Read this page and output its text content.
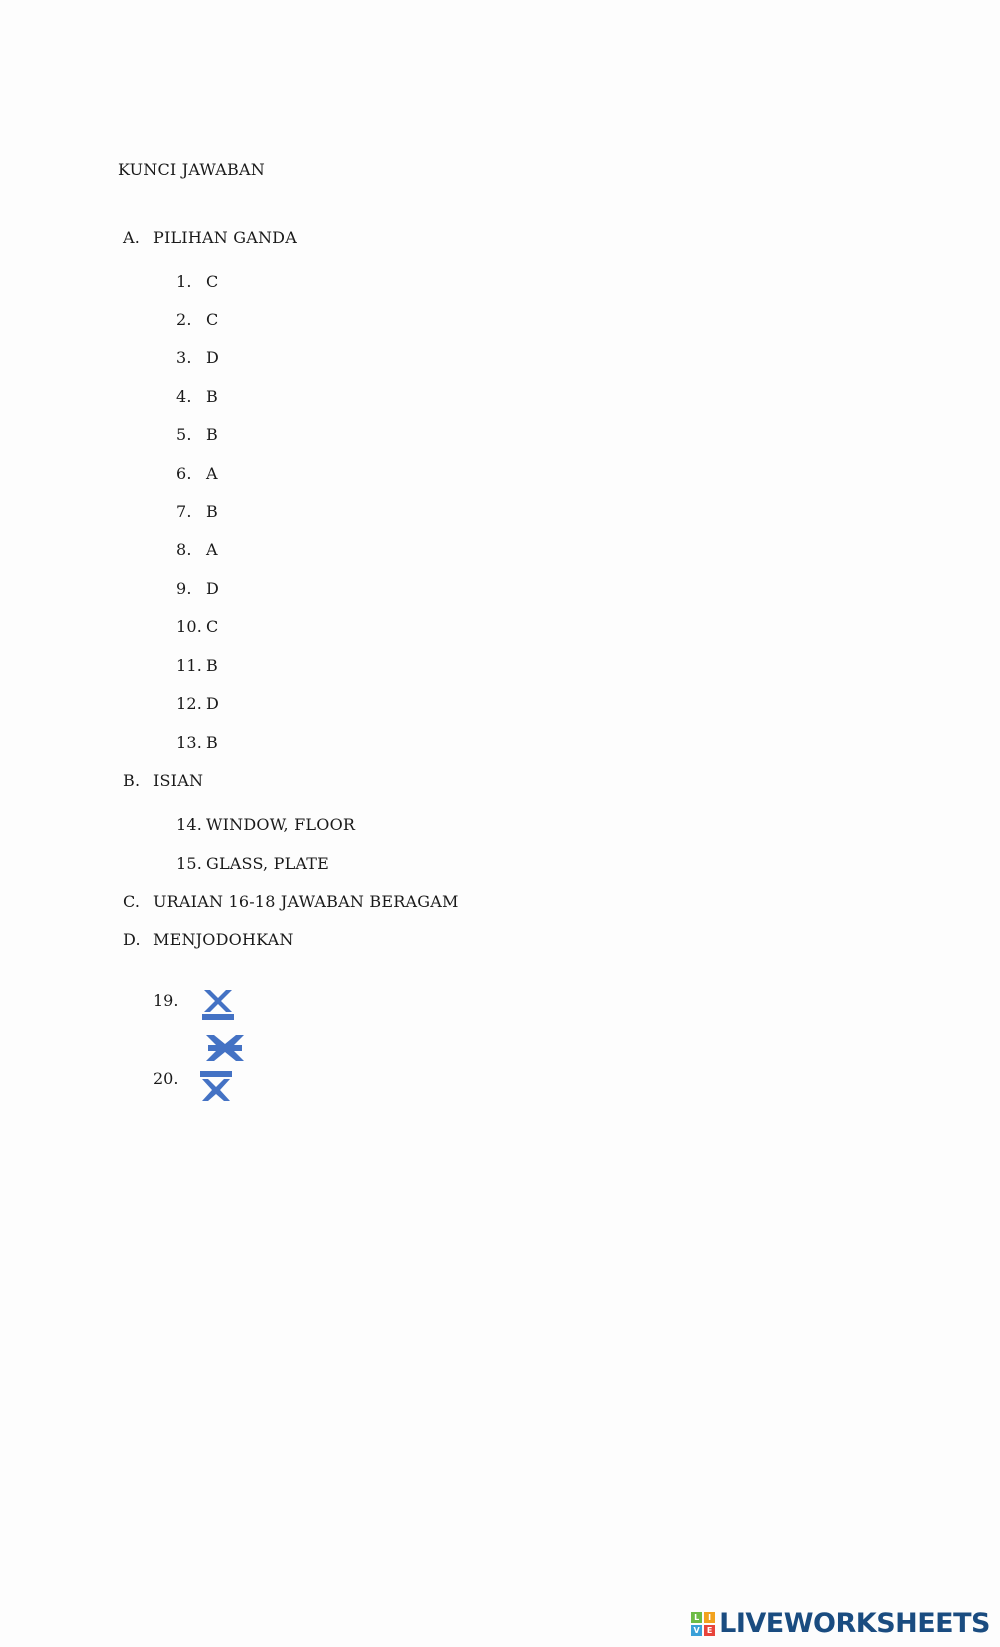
KUNCI JAWABAN
A. PILIHAN GANDA
1. C
2. C
3. D
4. B
5. B
6. A
7. B
8. A
9. D
10. C
11. B
12. D
13. B
B. ISIAN
14. WINDOW, FLOOR
15. GLASS, PLATE
C. URAIAN 16-18 JAWABAN BERAGAM
D. MENJODOHKAN
19.
20.
L	I
V E LIVEWORKSHEETS
